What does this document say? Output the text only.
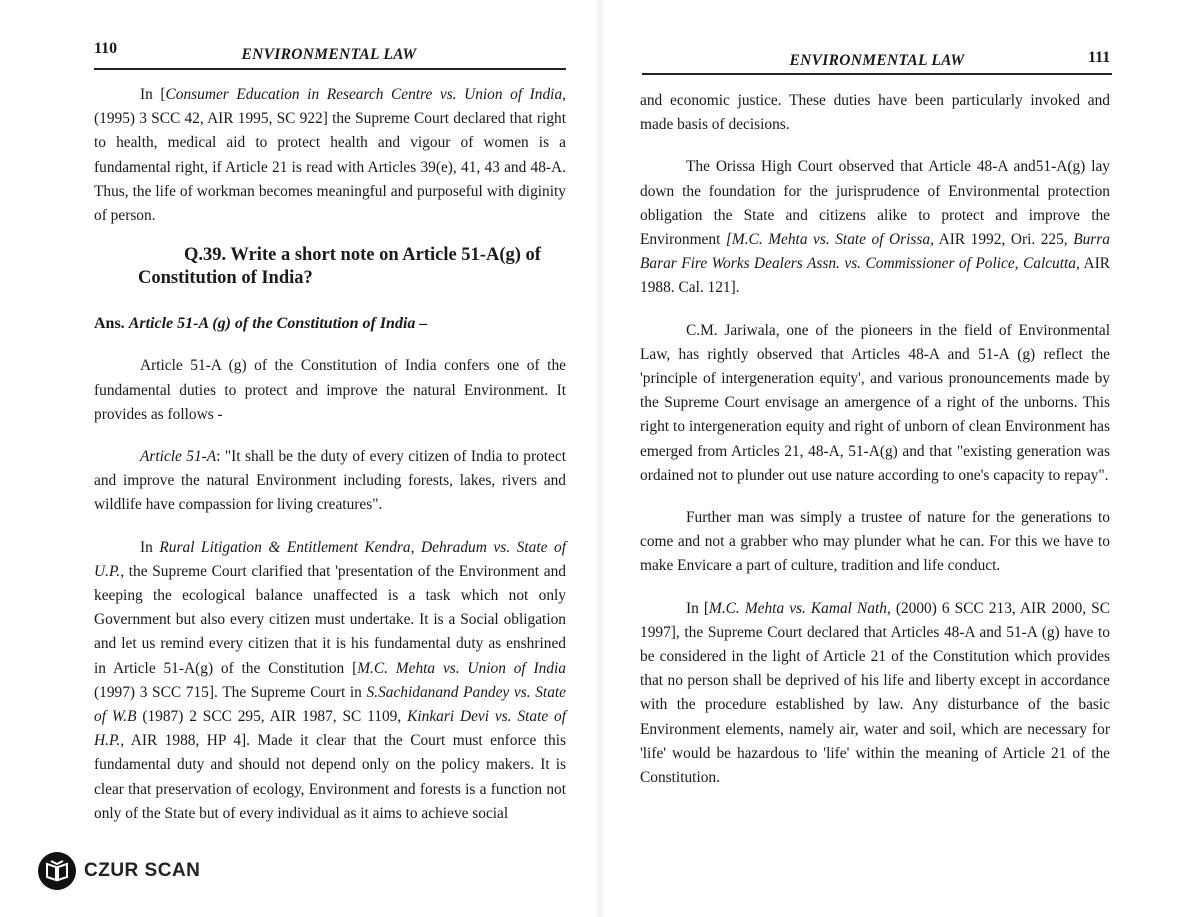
110	ENVIRONMENTAL LAW

In [Consumer Education in Research Centre vs. Union of India, (1995) 3 SCC 42, AIR 1995, SC 922] the Supreme Court declared that right to health, medical aid to protect health and vigour of women is a fundamental right, if Article 21 is read with Articles 39(e), 41, 43 and 48-A. Thus, the life of workman becomes meaningful and purposeful with diginity of person.

Q.39. Write a short note on Article 51-A(g) of Constitution of India?

Ans. Article 51-A (g) of the Constitution of India –

Article 51-A (g) of the Constitution of India confers one of the fundamental duties to protect and improve the natural Environment. It provides as follows -

Article 51-A: "It shall be the duty of every citizen of India to protect and improve the natural Environment including forests, lakes, rivers and wildlife have compassion for living creatures".

In Rural Litigation & Entitlement Kendra, Dehradum vs. State of U.P., the Supreme Court clarified that 'presentation of the Environment and keeping the ecological balance unaffected is a task which not only Government but also every citizen must undertake. It is a Social obligation and let us remind every citizen that it is his fundamental duty as enshrined in Article 51-A(g) of the Constitution [M.C. Mehta vs. Union of India (1997) 3 SCC 715]. The Supreme Court in S.Sachidanand Pandey vs. State of W.B (1987) 2 SCC 295, AIR 1987, SC 1109, Kinkari Devi vs. State of H.P., AIR 1988, HP 4]. Made it clear that the Court must enforce this fundamental duty and should not depend only on the policy makers. It is clear that preservation of ecology, Environment and forests is a function not only of the State but of every individual as it aims to achieve social

CZUR SCAN
ENVIRONMENTAL LAW	111

and economic justice. These duties have been particularly invoked and made basis of decisions.

The Orissa High Court observed that Article 48-A and51-A(g) lay down the foundation for the jurisprudence of Environmental protection obligation the State and citizens alike to protect and improve the Environment [M.C. Mehta vs. State of Orissa, AIR 1992, Ori. 225, Burra Barar Fire Works Dealers Assn. vs. Commissioner of Police, Calcutta, AIR 1988. Cal. 121].

C.M. Jariwala, one of the pioneers in the field of Environmental Law, has rightly observed that Articles 48-A and 51-A (g) reflect the 'principle of intergeneration equity', and various pronouncements made by the Supreme Court envisage an amergence of a right of the unborns. This right to intergeneration equity and right of unborn of clean Environment has emerged from Articles 21, 48-A, 51-A(g) and that "existing generation was ordained not to plunder out use nature according to one's capacity to repay".

Further man was simply a trustee of nature for the generations to come and not a grabber who may plunder what he can. For this we have to make Envicare a part of culture, tradition and life conduct.

In [M.C. Mehta vs. Kamal Nath, (2000) 6 SCC 213, AIR 2000, SC 1997], the Supreme Court declared that Articles 48-A and 51-A (g) have to be considered in the light of Article 21 of the Constitution which provides that no person shall be deprived of his life and liberty except in accordance with the procedure established by law. Any disturbance of the basic Environment elements, namely air, water and soil, which are necessary for 'life' would be hazardous to 'life' within the meaning of Article 21 of the Constitution.
